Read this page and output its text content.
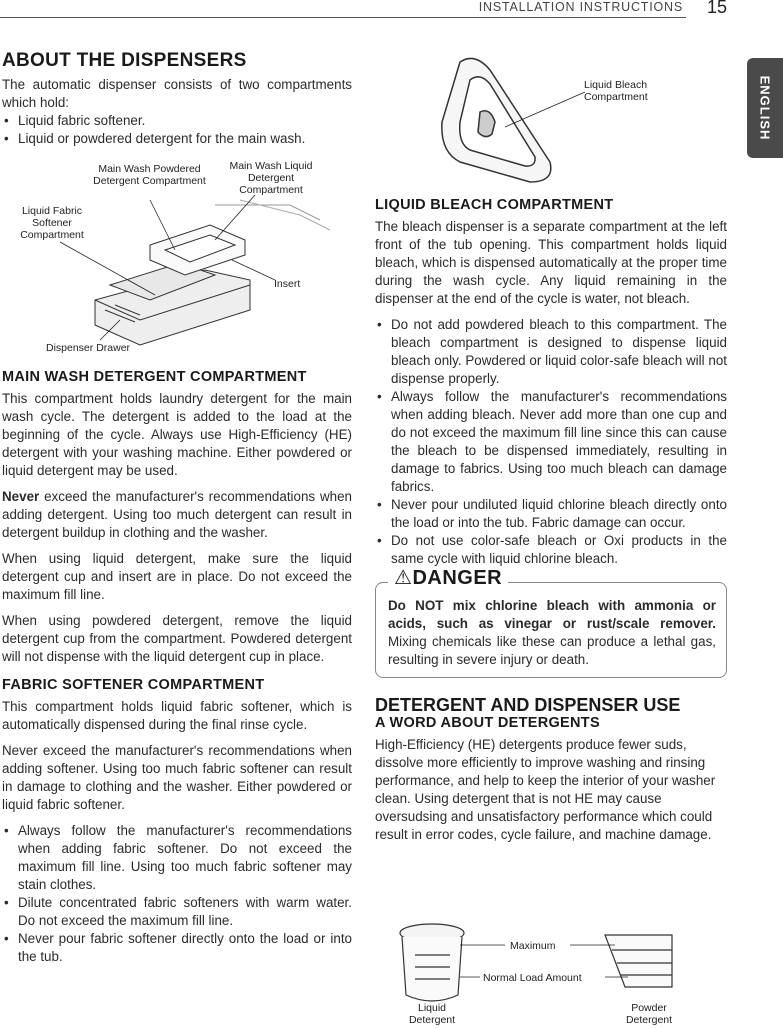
INSTALLATION INSTRUCTIONS 15
ENGLISH
ABOUT THE DISPENSERS

The automatic dispenser consists of two compartments which hold:

• Liquid fabric softener.
• Liquid or powdered detergent for the main wash.
Main Wash Powdered Detergent Compartment
Main Wash Liquid Detergent Compartment
Liquid Fabric Softener Compartment
Insert
Dispenser Drawer
MAIN WASH DETERGENT COMPARTMENT

This compartment holds laundry detergent for the main wash cycle. The detergent is added to the load at the beginning of the cycle. Always use High-Efficiency (HE) detergent with your washing machine. Either powdered or liquid detergent may be used.

Never exceed the manufacturer's recommendations when adding detergent. Using too much detergent can result in detergent buildup in clothing and the washer.

When using liquid detergent, make sure the liquid detergent cup and insert are in place. Do not exceed the maximum fill line.

When using powdered detergent, remove the liquid detergent cup from the compartment. Powdered detergent will not dispense with the liquid detergent cup in place.

FABRIC SOFTENER COMPARTMENT

This compartment holds liquid fabric softener, which is automatically dispensed during the final rinse cycle.

Never exceed the manufacturer's recommendations when adding softener. Using too much fabric softener can result in damage to clothing and the washer. Either powdered or liquid fabric softener.

• Always follow the manufacturer's recommendations when adding fabric softener. Do not exceed the maximum fill line. Using too much fabric softener may stain clothes.
• Dilute concentrated fabric softeners with warm water. Do not exceed the maximum fill line.
• Never pour fabric softener directly onto the load or into the tub.
Liquid Bleach Compartment
LIQUID BLEACH COMPARTMENT

The bleach dispenser is a separate compartment at the left front of the tub opening. This compartment holds liquid bleach, which is dispensed automatically at the proper time during the wash cycle. Any liquid remaining in the dispenser at the end of the cycle is water, not bleach.

• Do not add powdered bleach to this compartment. The bleach compartment is designed to dispense liquid bleach only. Powdered or liquid color-safe bleach will not dispense properly.
• Always follow the manufacturer's recommendations when adding bleach. Never add more than one cup and do not exceed the maximum fill line since this can cause the bleach to be dispensed immediately, resulting in damage to fabrics. Using too much bleach can damage fabrics.
• Never pour undiluted liquid chlorine bleach directly onto the load or into the tub. Fabric damage can occur.
• Do not use color-safe bleach or Oxi products in the same cycle with liquid chlorine bleach.
⚠DANGER

Do NOT mix chlorine bleach with ammonia or acids, such as vinegar or rust/scale remover. Mixing chemicals like these can produce a lethal gas, resulting in severe injury or death.

DETERGENT AND DISPENSER USE
A WORD ABOUT DETERGENTS

High-Efficiency (HE) detergents produce fewer suds, dissolve more efficiently to improve washing and rinsing performance, and help to keep the interior of your washer clean. Using detergent that is not HE may cause oversudsing and unsatisfactory performance which could result in error codes, cycle failure, and machine damage.

Maximum
Normal Load Amount
Liquid Detergent
Powder Detergent
